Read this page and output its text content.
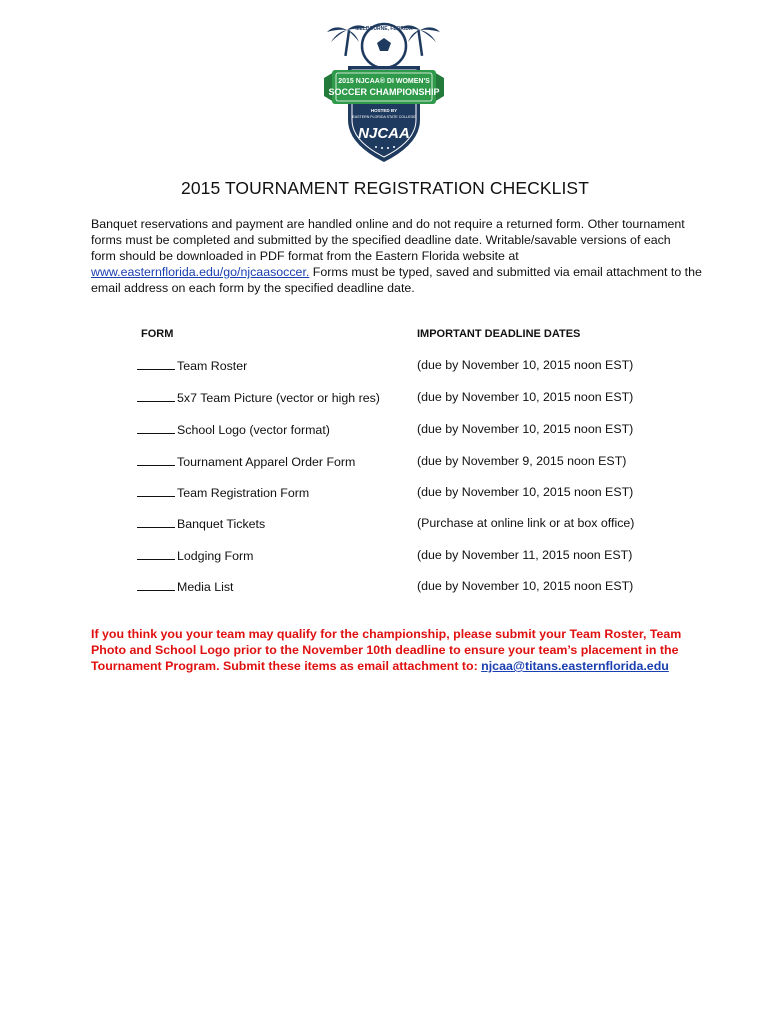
MELBOURNE, FLORIDA
2015 NJCAA® DI WOMEN'S
SOCCER CHAMPIONSHIP
HOSTED BY
EASTERN FLORIDA STATE COLLEGE
NJCAA
2015 TOURNAMENT REGISTRATION CHECKLIST
Banquet reservations and payment are handled online and do not require a returned form. Other tournament
forms must be completed and submitted by the specified deadline date. Writable/savable versions of each
form should be downloaded in PDF format from the Eastern Florida website at
www.easternflorida.edu/go/njcaasoccer. Forms must be typed, saved and submitted via email attachment to the
email address on each form by the specified deadline date.
FORM	IMPORTANT DEADLINE DATES
Team Roster	(due by November 10, 2015 noon EST)
5x7 Team Picture (vector or high res)	(due by November 10, 2015 noon EST)
School Logo (vector format)	(due by November 10, 2015 noon EST)
Tournament Apparel Order Form	(due by November 9, 2015 noon EST)
Team Registration Form	(due by November 10, 2015 noon EST)
Banquet Tickets	(Purchase at online link or at box office)
Lodging Form	(due by November 11, 2015 noon EST)
Media List	(due by November 10, 2015 noon EST)
If you think you your team may qualify for the championship, please submit your Team Roster, Team
Photo and School Logo prior to the November 10th deadline to ensure your team’s placement in the
Tournament Program. Submit these items as email attachment to: njcaa@titans.easternflorida.edu
